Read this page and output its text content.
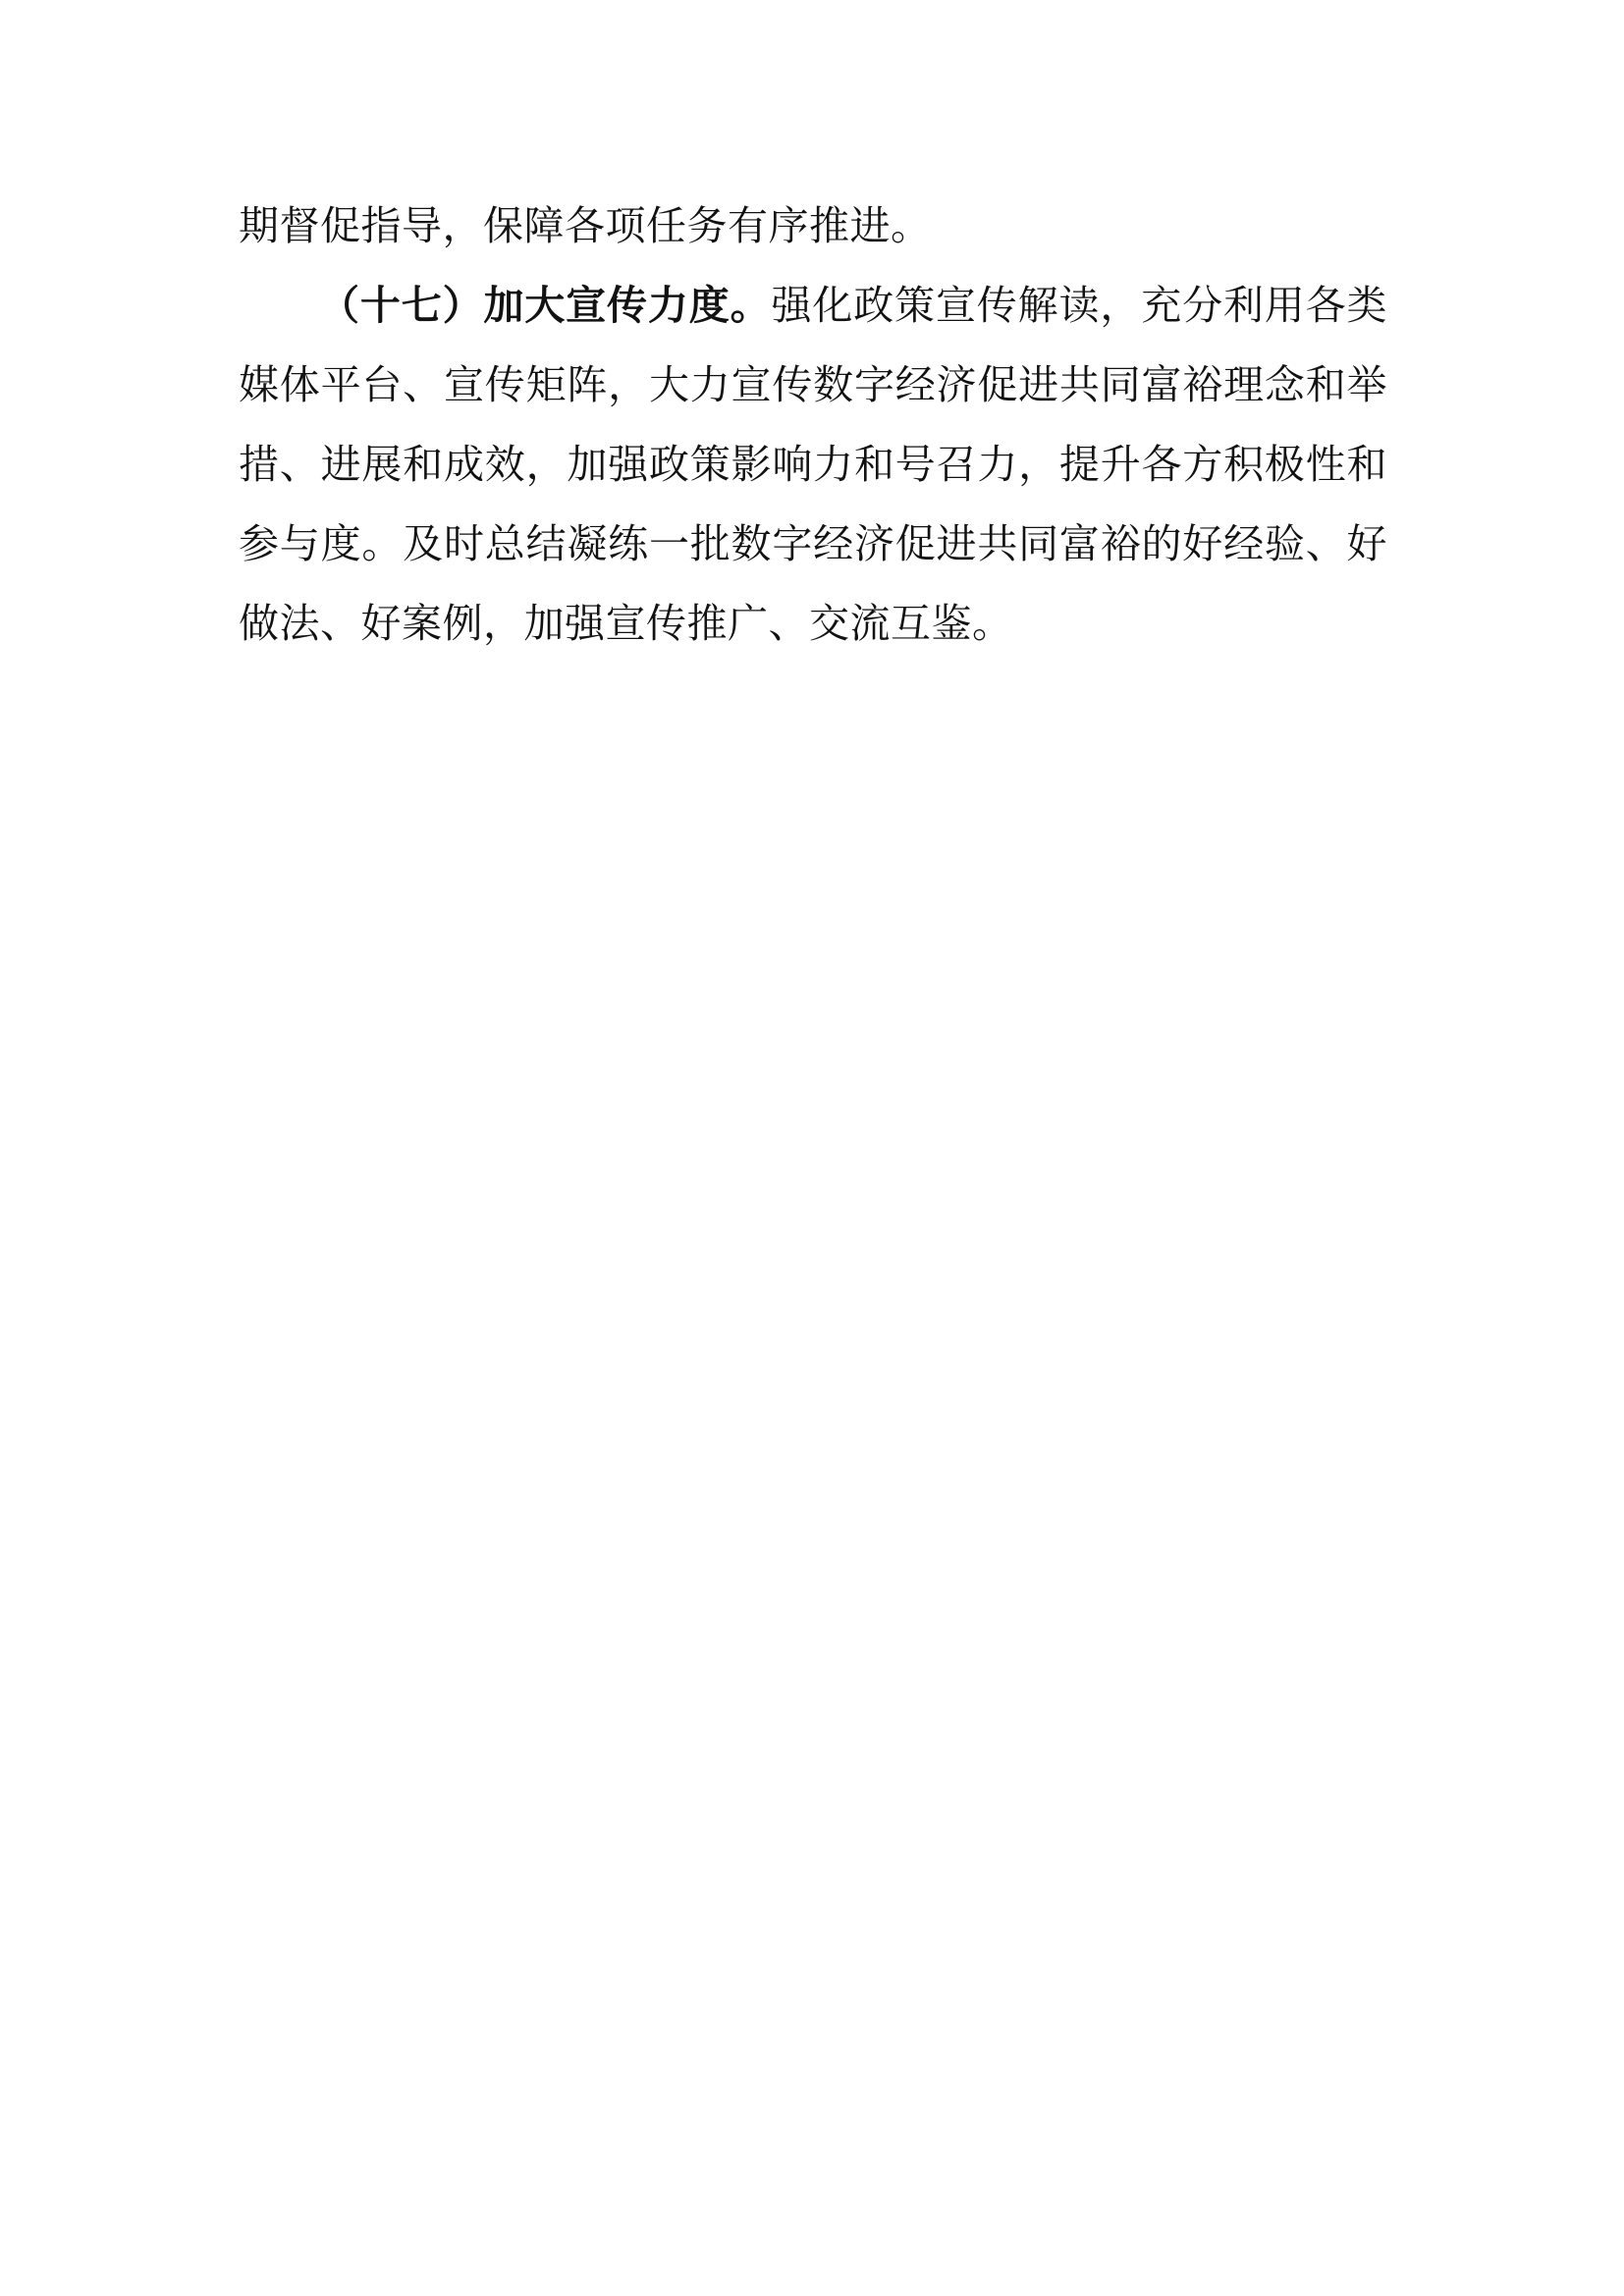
期督促指导，保障各项任务有序推进。

（十七）加大宣传力度。强化政策宣传解读，充分利用各类媒体平台、宣传矩阵，大力宣传数字经济促进共同富裕理念和举措、进展和成效，加强政策影响力和号召力，提升各方积极性和参与度。及时总结凝练一批数字经济促进共同富裕的好经验、好做法、好案例，加强宣传推广、交流互鉴。
